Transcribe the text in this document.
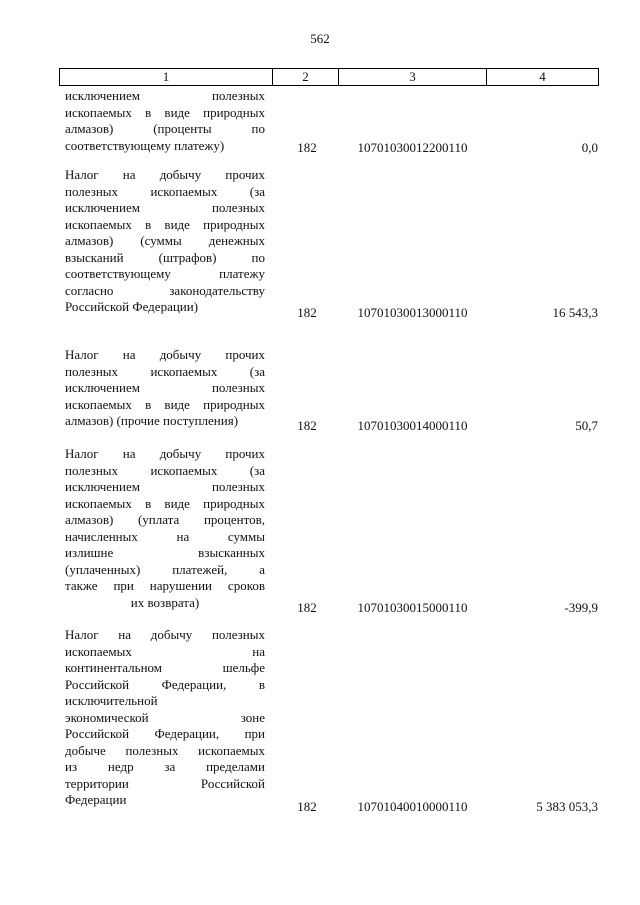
562
1	2	3	4
исключением полезных
ископаемых в виде природных
алмазов) (проценты по
соответствующему платежу)	182	10701030012200110	0,0
Налог на добычу прочих
полезных ископаемых (за
исключением полезных
ископаемых в виде природных
алмазов) (суммы денежных
взысканий (штрафов) по
соответствующему платежу
согласно законодательству
Российской Федерации)	182	10701030013000110	16 543,3
Налог на добычу прочих
полезных ископаемых (за
исключением полезных
ископаемых в виде природных
алмазов) (прочие поступления)	182	10701030014000110	50,7
Налог на добычу прочих
полезных ископаемых (за
исключением полезных
ископаемых в виде природных
алмазов) (уплата процентов,
начисленных на суммы
излишне взысканных
(уплаченных) платежей, а
также при нарушении сроков
их возврата)	182	10701030015000110	-399,9
Налог на добычу полезных
ископаемых на
континентальном шельфе
Российской Федерации, в
исключительной
экономической зоне
Российской Федерации, при
добыче полезных ископаемых
из недр за пределами
территории Российской
Федерации	182	10701040010000110	5 383 053,3
